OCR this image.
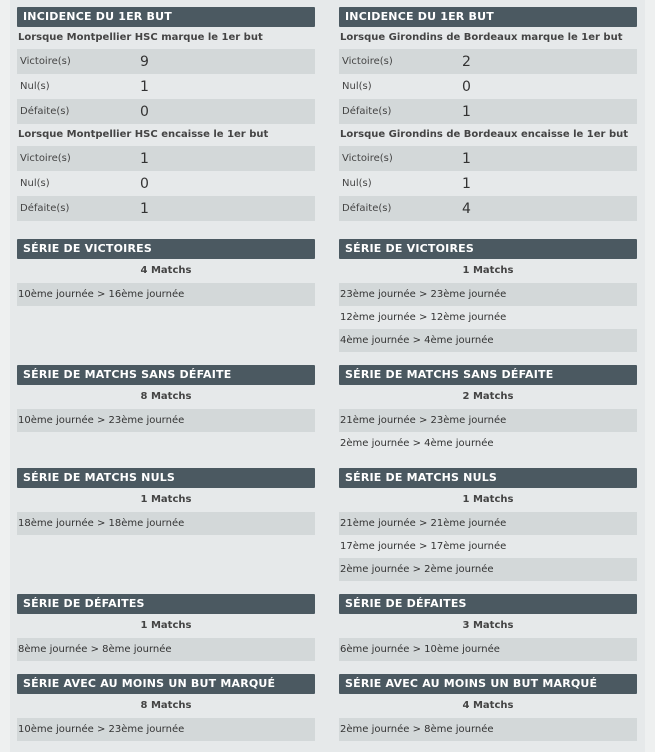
INCIDENCE DU 1ER BUT
Lorsque Montpellier HSC marque le 1er but
Victoire(s)	9
Nul(s)	1
Défaite(s)	0
Lorsque Montpellier HSC encaisse le 1er but
Victoire(s)	1
Nul(s)	0
Défaite(s)	1
SÉRIE DE VICTOIRES
4 Matchs
10ème journée > 16ème journée
SÉRIE DE MATCHS SANS DÉFAITE
8 Matchs
10ème journée > 23ème journée
SÉRIE DE MATCHS NULS
1 Matchs
18ème journée > 18ème journée
SÉRIE DE DÉFAITES
1 Matchs
8ème journée > 8ème journée
SÉRIE AVEC AU MOINS UN BUT MARQUÉ
8 Matchs
10ème journée > 23ème journée
INCIDENCE DU 1ER BUT
Lorsque Girondins de Bordeaux marque le 1er but
Victoire(s)	2
Nul(s)	0
Défaite(s)	1
Lorsque Girondins de Bordeaux encaisse le 1er but
Victoire(s)	1
Nul(s)	1
Défaite(s)	4
SÉRIE DE VICTOIRES
1 Matchs
23ème journée > 23ème journée
12ème journée > 12ème journée
4ème journée > 4ème journée
SÉRIE DE MATCHS SANS DÉFAITE
2 Matchs
21ème journée > 23ème journée
2ème journée > 4ème journée
SÉRIE DE MATCHS NULS
1 Matchs
21ème journée > 21ème journée
17ème journée > 17ème journée
2ème journée > 2ème journée
SÉRIE DE DÉFAITES
3 Matchs
6ème journée > 10ème journée
SÉRIE AVEC AU MOINS UN BUT MARQUÉ
4 Matchs
2ème journée > 8ème journée
